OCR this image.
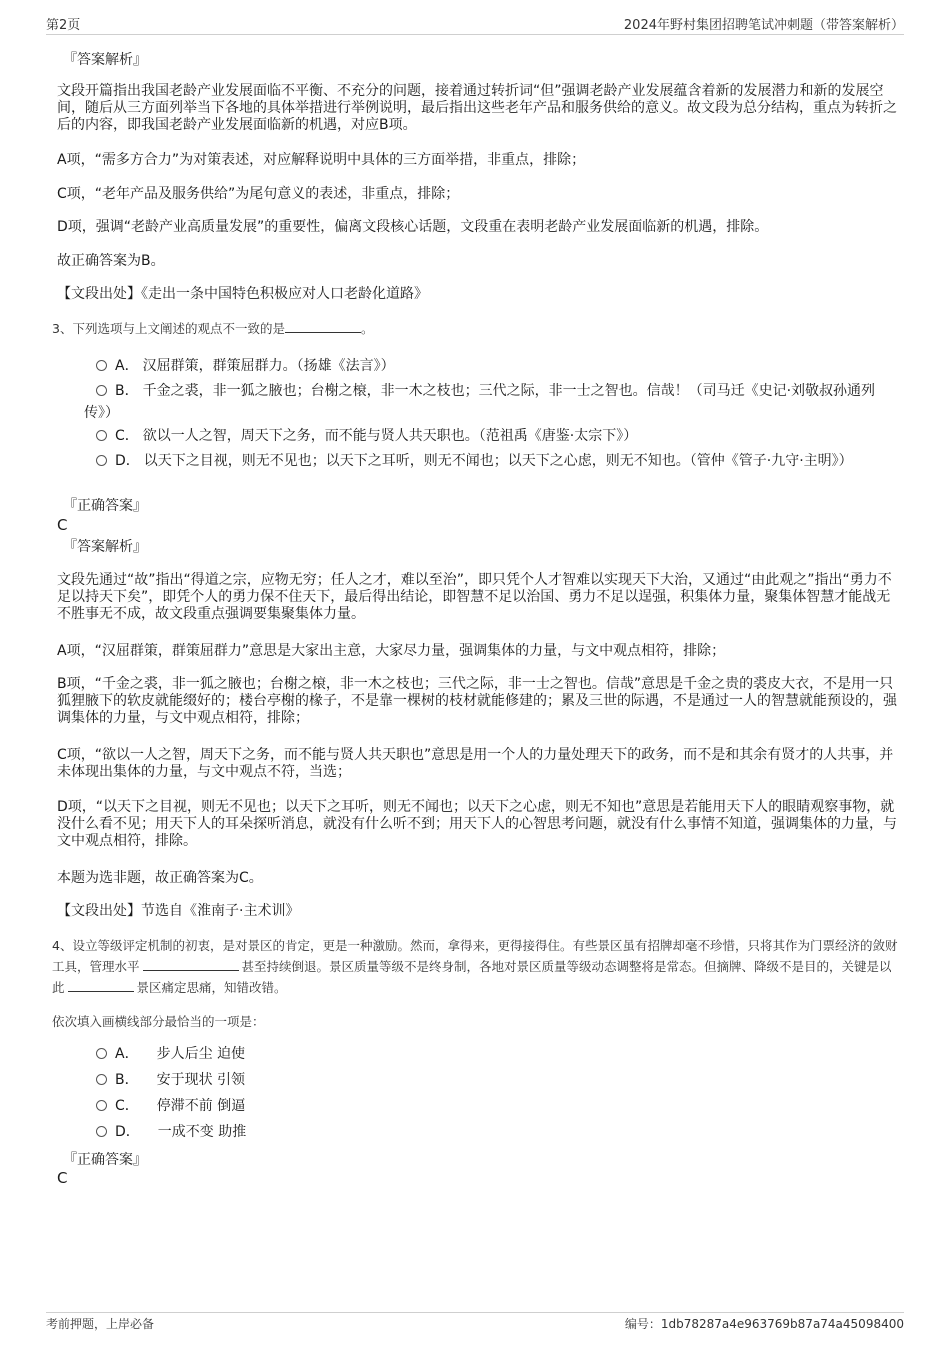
第2页	2024年野村集团招聘笔试冲刺题（带答案解析）
『答案解析』

文段开篇指出我国老龄产业发展面临不平衡、不充分的问题，接着通过转折词“但”强调老龄产业发展蕴含着新的发展潜力和新的发展空间，随后从三方面列举当下各地的具体举措进行举例说明，最后指出这些老年产品和服务供给的意义。故文段为总分结构，重点为转折之后的内容，即我国老龄产业发展面临新的机遇，对应B项。

A项，“需多方合力”为对策表述，对应解释说明中具体的三方面举措，非重点，排除；

C项，“老年产品及服务供给”为尾句意义的表述，非重点，排除；

D项，强调“老龄产业高质量发展”的重要性，偏离文段核心话题，文段重在表明老龄产业发展面临新的机遇，排除。

故正确答案为B。

【文段出处】《走出一条中国特色积极应对人口老龄化道路》

3、下列选项与上文阐述的观点不一致的是	。

A． 汉屈群策，群策屈群力。（扬雄《法言》）
B． 千金之裘，非一狐之腋也；台榭之榱，非一木之枝也；三代之际，非一士之智也。信哉！（司马迁《史记·刘敬叔孙通列传》）
C． 欲以一人之智，周天下之务，而不能与贤人共天职也。（范祖禹《唐鉴·太宗下》）
D． 以天下之目视，则无不见也；以天下之耳听，则无不闻也；以天下之心虑，则无不知也。（管仲《管子·九守·主明》）
『正确答案』
C
『答案解析』

文段先通过“故”指出“得道之宗，应物无穷；任人之才，难以至治”，即只凭个人才智难以实现天下大治，又通过“由此观之”指出“勇力不足以持天下矣”，即凭个人的勇力保不住天下，最后得出结论，即智慧不足以治国、勇力不足以逞强，积集体力量，聚集体智慧才能战无不胜事无不成，故文段重点强调要集聚集体力量。

A项，“汉屈群策，群策屈群力”意思是大家出主意，大家尽力量，强调集体的力量，与文中观点相符，排除；

B项，“千金之裘，非一狐之腋也；台榭之榱，非一木之枝也；三代之际，非一士之智也。信哉”意思是千金之贵的裘皮大衣，不是用一只狐狸腋下的软皮就能缀好的；楼台亭榭的椽子，不是靠一棵树的枝材就能修建的；累及三世的际遇，不是通过一人的智慧就能预设的，强调集体的力量，与文中观点相符，排除；

C项，“欲以一人之智，周天下之务，而不能与贤人共天职也”意思是用一个人的力量处理天下的政务，而不是和其余有贤才的人共事，并未体现出集体的力量，与文中观点不符，当选；

D项，“以天下之目视，则无不见也；以天下之耳听，则无不闻也；以天下之心虑，则无不知也”意思是若能用天下人的眼睛观察事物，就没什么看不见；用天下人的耳朵探听消息，就没有什么听不到；用天下人的心智思考问题，就没有什么事情不知道，强调集体的力量，与文中观点相符，排除。

本题为选非题，故正确答案为C。

【文段出处】节选自《淮南子·主术训》

4、设立等级评定机制的初衷，是对景区的肯定，更是一种激励。然而，拿得来，更得接得住。有些景区虽有招牌却毫不珍惜，只将其作为门票经济的敛财工具，管理水平	甚至持续倒退。景区质量等级不是终身制，各地对景区质量等级动态调整将是常态。但摘牌、降级不是目的，关键是以此	景区痛定思痛，知错改错。

依次填入画横线部分最恰当的一项是：

A． 步人后尘 迫使
B． 安于现状 引领
C． 停滞不前 倒逼
D． 一成不变 助推
『正确答案』
C
考前押题，上岸必备	编号：1db78287a4e963769b87a74a45098400
